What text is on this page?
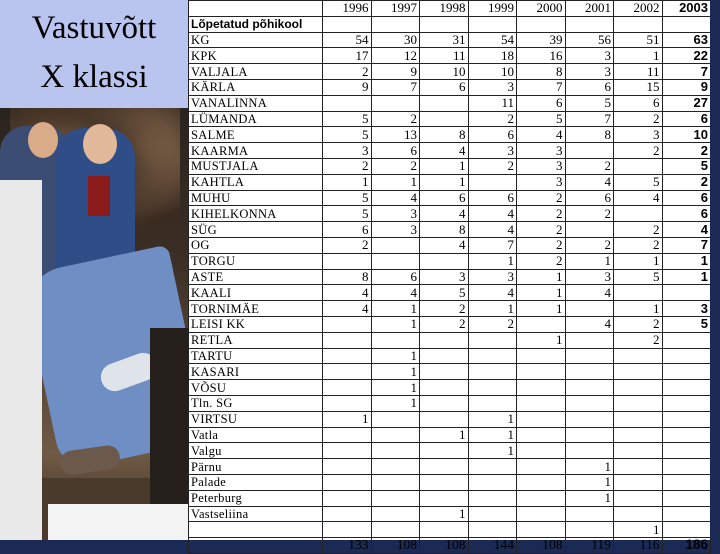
Vastuvõtt
X klassi
	1996	1997	1998	1999	2000	2001	2002	2003
Lõpetatud põhikool								
KG	54	30	31	54	39	56	51	63
KPK	17	12	11	18	16	3	1	22
VALJALA	2	9	10	10	8	3	11	7
KÄRLA	9	7	6	3	7	6	15	9
VANALINNA				11	6	5	6	27
LÜMANDA	5	2		2	5	7	2	6
SALME	5	13	8	6	4	8	3	10
KAARMA	3	6	4	3	3		2	2
MUSTJALA	2	2	1	2	3	2		5
KAHTLA	1	1	1		3	4	5	2
MUHU	5	4	6	6	2	6	4	6
KIHELKONNA	5	3	4	4	2	2		6
SÜG	6	3	8	4	2		2	4
OG	2		4	7	2	2	2	7
TORGU				1	2	1	1	1
ASTE	8	6	3	3	1	3	5	1
KAALI	4	4	5	4	1	4		
TORNIMÄE	4	1	2	1	1		1	3
LEISI KK		1	2	2		4	2	5
RETLA					1		2	
TARTU		1						
KASARI		1						
VÕSU		1						
Tln. SG		1						
VIRTSU	1			1				
Vatla			1	1				
Valgu				1				
Pärnu						1		
Palade						1		
Peterburg						1		
Vastseliina			1					
							1	
	133	108	108	144	108	119	116	186
